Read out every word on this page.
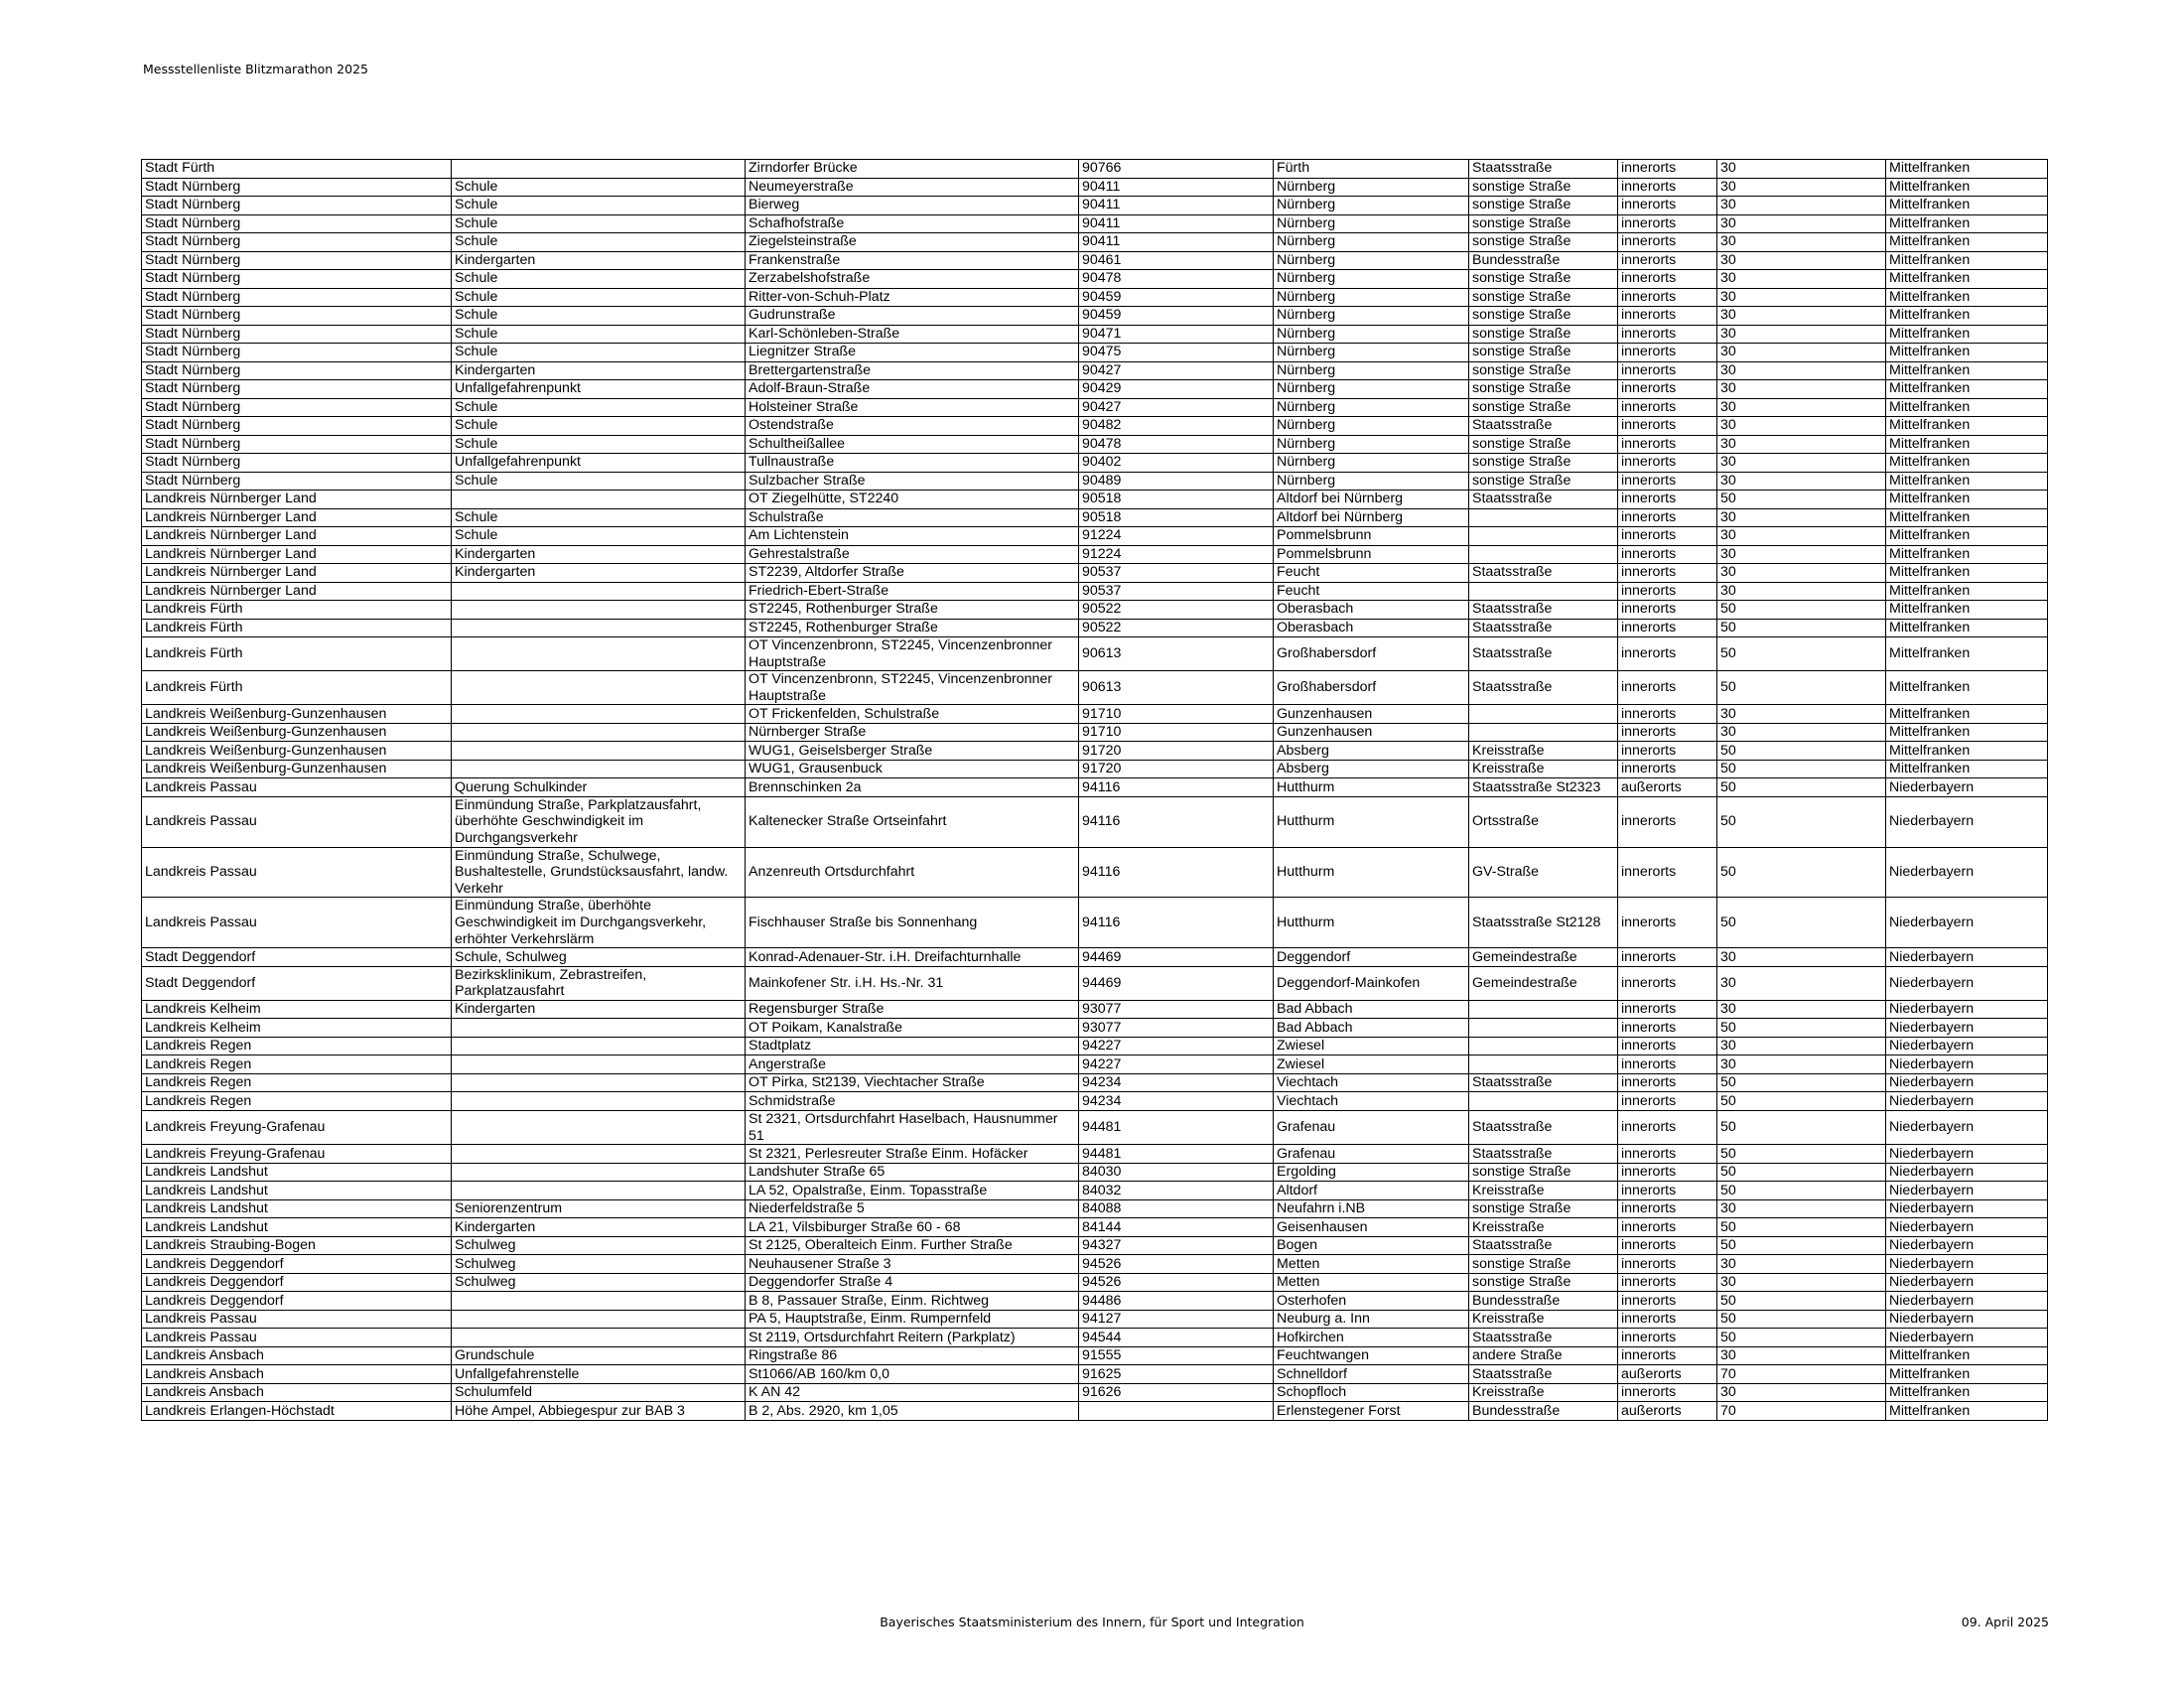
Messstellenliste Blitzmarathon 2025
Stadt Fürth		Zirndorfer Brücke	90766	Fürth	Staatsstraße	innerorts	30	Mittelfranken
Stadt Nürnberg	Schule	Neumeyerstraße	90411	Nürnberg	sonstige Straße	innerorts	30	Mittelfranken
Stadt Nürnberg	Schule	Bierweg	90411	Nürnberg	sonstige Straße	innerorts	30	Mittelfranken
Stadt Nürnberg	Schule	Schafhofstraße	90411	Nürnberg	sonstige Straße	innerorts	30	Mittelfranken
Stadt Nürnberg	Schule	Ziegelsteinstraße	90411	Nürnberg	sonstige Straße	innerorts	30	Mittelfranken
Stadt Nürnberg	Kindergarten	Frankenstraße	90461	Nürnberg	Bundesstraße	innerorts	30	Mittelfranken
Stadt Nürnberg	Schule	Zerzabelshofstraße	90478	Nürnberg	sonstige Straße	innerorts	30	Mittelfranken
Stadt Nürnberg	Schule	Ritter-von-Schuh-Platz	90459	Nürnberg	sonstige Straße	innerorts	30	Mittelfranken
Stadt Nürnberg	Schule	Gudrunstraße	90459	Nürnberg	sonstige Straße	innerorts	30	Mittelfranken
Stadt Nürnberg	Schule	Karl-Schönleben-Straße	90471	Nürnberg	sonstige Straße	innerorts	30	Mittelfranken
Stadt Nürnberg	Schule	Liegnitzer Straße	90475	Nürnberg	sonstige Straße	innerorts	30	Mittelfranken
Stadt Nürnberg	Kindergarten	Brettergartenstraße	90427	Nürnberg	sonstige Straße	innerorts	30	Mittelfranken
Stadt Nürnberg	Unfallgefahrenpunkt	Adolf-Braun-Straße	90429	Nürnberg	sonstige Straße	innerorts	30	Mittelfranken
Stadt Nürnberg	Schule	Holsteiner Straße	90427	Nürnberg	sonstige Straße	innerorts	30	Mittelfranken
Stadt Nürnberg	Schule	Ostendstraße	90482	Nürnberg	Staatsstraße	innerorts	30	Mittelfranken
Stadt Nürnberg	Schule	Schultheißallee	90478	Nürnberg	sonstige Straße	innerorts	30	Mittelfranken
Stadt Nürnberg	Unfallgefahrenpunkt	Tullnaustraße	90402	Nürnberg	sonstige Straße	innerorts	30	Mittelfranken
Stadt Nürnberg	Schule	Sulzbacher Straße	90489	Nürnberg	sonstige Straße	innerorts	30	Mittelfranken
Landkreis Nürnberger Land		OT Ziegelhütte, ST2240	90518	Altdorf bei Nürnberg	Staatsstraße	innerorts	50	Mittelfranken
Landkreis Nürnberger Land	Schule	Schulstraße	90518	Altdorf bei Nürnberg		innerorts	30	Mittelfranken
Landkreis Nürnberger Land	Schule	Am Lichtenstein	91224	Pommelsbrunn		innerorts	30	Mittelfranken
Landkreis Nürnberger Land	Kindergarten	Gehrestalstraße	91224	Pommelsbrunn		innerorts	30	Mittelfranken
Landkreis Nürnberger Land	Kindergarten	ST2239, Altdorfer Straße	90537	Feucht	Staatsstraße	innerorts	30	Mittelfranken
Landkreis Nürnberger Land		Friedrich-Ebert-Straße	90537	Feucht		innerorts	30	Mittelfranken
Landkreis Fürth		ST2245, Rothenburger Straße	90522	Oberasbach	Staatsstraße	innerorts	50	Mittelfranken
Landkreis Fürth		ST2245, Rothenburger Straße	90522	Oberasbach	Staatsstraße	innerorts	50	Mittelfranken
Landkreis Fürth		OT Vincenzenbronn, ST2245, Vincenzenbronner Hauptstraße	90613	Großhabersdorf	Staatsstraße	innerorts	50	Mittelfranken
Landkreis Fürth		OT Vincenzenbronn, ST2245, Vincenzenbronner Hauptstraße	90613	Großhabersdorf	Staatsstraße	innerorts	50	Mittelfranken
Landkreis Weißenburg-Gunzenhausen		OT Frickenfelden, Schulstraße	91710	Gunzenhausen		innerorts	30	Mittelfranken
Landkreis Weißenburg-Gunzenhausen		Nürnberger Straße	91710	Gunzenhausen		innerorts	30	Mittelfranken
Landkreis Weißenburg-Gunzenhausen		WUG1, Geiselsberger Straße	91720	Absberg	Kreisstraße	innerorts	50	Mittelfranken
Landkreis Weißenburg-Gunzenhausen		WUG1, Grausenbuck	91720	Absberg	Kreisstraße	innerorts	50	Mittelfranken
Landkreis Passau	Querung Schulkinder	Brennschinken 2a	94116	Hutthurm	Staatsstraße St2323	außerorts	50	Niederbayern
Landkreis Passau	Einmündung Straße, Parkplatzausfahrt, überhöhte Geschwindigkeit im Durchgangsverkehr	Kaltenecker Straße Ortseinfahrt	94116	Hutthurm	Ortsstraße	innerorts	50	Niederbayern
Landkreis Passau	Einmündung Straße, Schulwege, Bushaltestelle, Grundstücksausfahrt, landw. Verkehr	Anzenreuth Ortsdurchfahrt	94116	Hutthurm	GV-Straße	innerorts	50	Niederbayern
Landkreis Passau	Einmündung Straße, überhöhte Geschwindigkeit im Durchgangsverkehr, erhöhter Verkehrslärm	Fischhauser Straße bis Sonnenhang	94116	Hutthurm	Staatsstraße St2128	innerorts	50	Niederbayern
Stadt Deggendorf	Schule, Schulweg	Konrad-Adenauer-Str. i.H. Dreifachturnhalle	94469	Deggendorf	Gemeindestraße	innerorts	30	Niederbayern
Stadt Deggendorf	Bezirksklinikum, Zebrastreifen, Parkplatzausfahrt	Mainkofener Str. i.H. Hs.-Nr. 31	94469	Deggendorf-Mainkofen	Gemeindestraße	innerorts	30	Niederbayern
Landkreis Kelheim	Kindergarten	Regensburger Straße	93077	Bad Abbach		innerorts	30	Niederbayern
Landkreis Kelheim		OT Poikam, Kanalstraße	93077	Bad Abbach		innerorts	50	Niederbayern
Landkreis Regen		Stadtplatz	94227	Zwiesel		innerorts	30	Niederbayern
Landkreis Regen		Angerstraße	94227	Zwiesel		innerorts	30	Niederbayern
Landkreis Regen		OT Pirka, St2139, Viechtacher Straße	94234	Viechtach	Staatsstraße	innerorts	50	Niederbayern
Landkreis Regen		Schmidstraße	94234	Viechtach		innerorts	50	Niederbayern
Landkreis Freyung-Grafenau		St 2321, Ortsdurchfahrt Haselbach, Hausnummer 51	94481	Grafenau	Staatsstraße	innerorts	50	Niederbayern
Landkreis Freyung-Grafenau		St 2321, Perlesreuter Straße Einm. Hofäcker	94481	Grafenau	Staatsstraße	innerorts	50	Niederbayern
Landkreis Landshut		Landshuter Straße 65	84030	Ergolding	sonstige Straße	innerorts	50	Niederbayern
Landkreis Landshut		LA 52, Opalstraße, Einm. Topasstraße	84032	Altdorf	Kreisstraße	innerorts	50	Niederbayern
Landkreis Landshut	Seniorenzentrum	Niederfeldstraße 5	84088	Neufahrn i.NB	sonstige Straße	innerorts	30	Niederbayern
Landkreis Landshut	Kindergarten	LA 21, Vilsbiburger Straße 60 - 68	84144	Geisenhausen	Kreisstraße	innerorts	50	Niederbayern
Landkreis Straubing-Bogen	Schulweg	St 2125, Oberalteich Einm. Further Straße	94327	Bogen	Staatsstraße	innerorts	50	Niederbayern
Landkreis Deggendorf	Schulweg	Neuhausener Straße 3	94526	Metten	sonstige Straße	innerorts	30	Niederbayern
Landkreis Deggendorf	Schulweg	Deggendorfer Straße 4	94526	Metten	sonstige Straße	innerorts	30	Niederbayern
Landkreis Deggendorf		B 8, Passauer Straße, Einm. Richtweg	94486	Osterhofen	Bundesstraße	innerorts	50	Niederbayern
Landkreis Passau		PA 5, Hauptstraße, Einm. Rumpernfeld	94127	Neuburg a. Inn	Kreisstraße	innerorts	50	Niederbayern
Landkreis Passau		St 2119, Ortsdurchfahrt Reitern (Parkplatz)	94544	Hofkirchen	Staatsstraße	innerorts	50	Niederbayern
Landkreis Ansbach	Grundschule	Ringstraße 86	91555	Feuchtwangen	andere Straße	innerorts	30	Mittelfranken
Landkreis Ansbach	Unfallgefahrenstelle	St1066/AB 160/km 0,0	91625	Schnelldorf	Staatsstraße	außerorts	70	Mittelfranken
Landkreis Ansbach	Schulumfeld	K AN 42	91626	Schopfloch	Kreisstraße	innerorts	30	Mittelfranken
Landkreis Erlangen-Höchstadt	Höhe Ampel, Abbiegespur zur BAB 3	B 2, Abs. 2920, km 1,05		Erlenstegener Forst	Bundesstraße	außerorts	70	Mittelfranken
Bayerisches Staatsministerium des Innern, für Sport und Integration	09. April 2025
